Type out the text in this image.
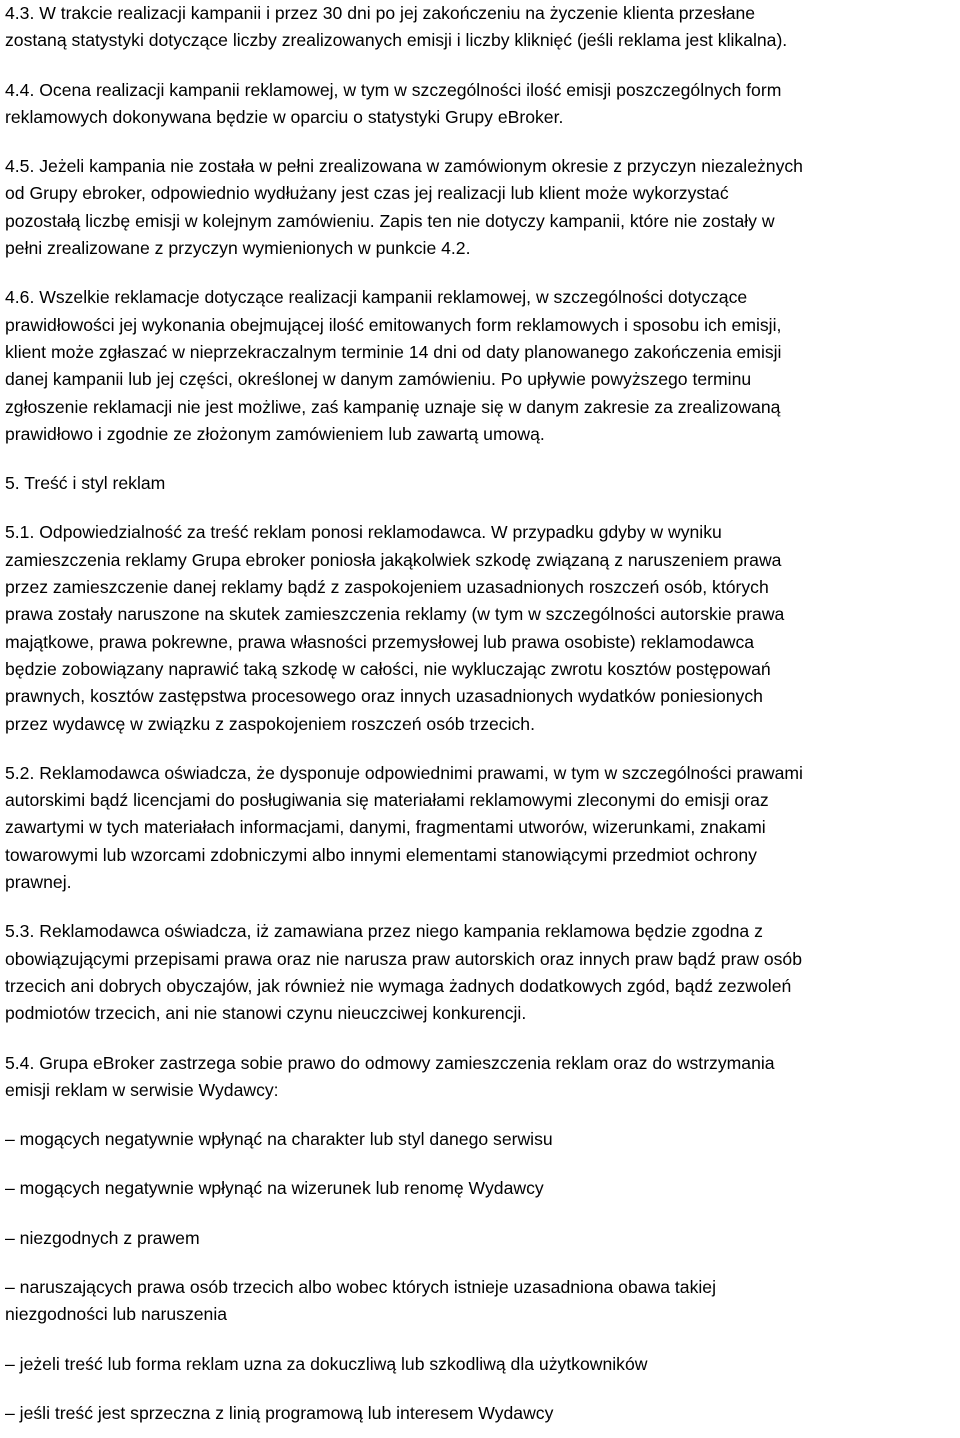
4.3. W trakcie realizacji kampanii i przez 30 dni po jej zakończeniu na życzenie klienta przesłane
zostaną statystyki dotyczące liczby zrealizowanych emisji i liczby kliknięć (jeśli reklama jest klikalna).

4.4. Ocena realizacji kampanii reklamowej, w tym w szczególności ilość emisji poszczególnych form
reklamowych dokonywana będzie w oparciu o statystyki Grupy eBroker.

4.5. Jeżeli kampania nie została w pełni zrealizowana w zamówionym okresie z przyczyn niezależnych
od Grupy ebroker, odpowiednio wydłużany jest czas jej realizacji lub klient może wykorzystać
pozostałą liczbę emisji w kolejnym zamówieniu. Zapis ten nie dotyczy kampanii, które nie zostały w
pełni zrealizowane z przyczyn wymienionych w punkcie 4.2.

4.6. Wszelkie reklamacje dotyczące realizacji kampanii reklamowej, w szczególności dotyczące
prawidłowości jej wykonania obejmującej ilość emitowanych form reklamowych i sposobu ich emisji,
klient może zgłaszać w nieprzekraczalnym terminie 14 dni od daty planowanego zakończenia emisji
danej kampanii lub jej części, określonej w danym zamówieniu. Po upływie powyższego terminu
zgłoszenie reklamacji nie jest możliwe, zaś kampanię uznaje się w danym zakresie za zrealizowaną
prawidłowo i zgodnie ze złożonym zamówieniem lub zawartą umową.

5. Treść i styl reklam

5.1. Odpowiedzialność za treść reklam ponosi reklamodawca. W przypadku gdyby w wyniku
zamieszczenia reklamy Grupa ebroker poniosła jakąkolwiek szkodę związaną z naruszeniem prawa
przez zamieszczenie danej reklamy bądź z zaspokojeniem uzasadnionych roszczeń osób, których
prawa zostały naruszone na skutek zamieszczenia reklamy (w tym w szczególności autorskie prawa
majątkowe, prawa pokrewne, prawa własności przemysłowej lub prawa osobiste) reklamodawca
będzie zobowiązany naprawić taką szkodę w całości, nie wykluczając zwrotu kosztów postępowań
prawnych, kosztów zastępstwa procesowego oraz innych uzasadnionych wydatków poniesionych
przez wydawcę w związku z zaspokojeniem roszczeń osób trzecich.

5.2. Reklamodawca oświadcza, że dysponuje odpowiednimi prawami, w tym w szczególności prawami
autorskimi bądź licencjami do posługiwania się materiałami reklamowymi zleconymi do emisji oraz
zawartymi w tych materiałach informacjami, danymi, fragmentami utworów, wizerunkami, znakami
towarowymi lub wzorcami zdobniczymi albo innymi elementami stanowiącymi przedmiot ochrony
prawnej.

5.3. Reklamodawca oświadcza, iż zamawiana przez niego kampania reklamowa będzie zgodna z
obowiązującymi przepisami prawa oraz nie narusza praw autorskich oraz innych praw bądź praw osób
trzecich ani dobrych obyczajów, jak również nie wymaga żadnych dodatkowych zgód, bądź zezwoleń
podmiotów trzecich, ani nie stanowi czynu nieuczciwej konkurencji.

5.4. Grupa eBroker zastrzega sobie prawo do odmowy zamieszczenia reklam oraz do wstrzymania
emisji reklam w serwisie Wydawcy:

– mogących negatywnie wpłynąć na charakter lub styl danego serwisu

– mogących negatywnie wpłynąć na wizerunek lub renomę Wydawcy

– niezgodnych z prawem

– naruszających prawa osób trzecich albo wobec których istnieje uzasadniona obawa takiej
niezgodności lub naruszenia

– jeżeli treść lub forma reklam uzna za dokuczliwą lub szkodliwą dla użytkowników

– jeśli treść jest sprzeczna z linią programową lub interesem Wydawcy
